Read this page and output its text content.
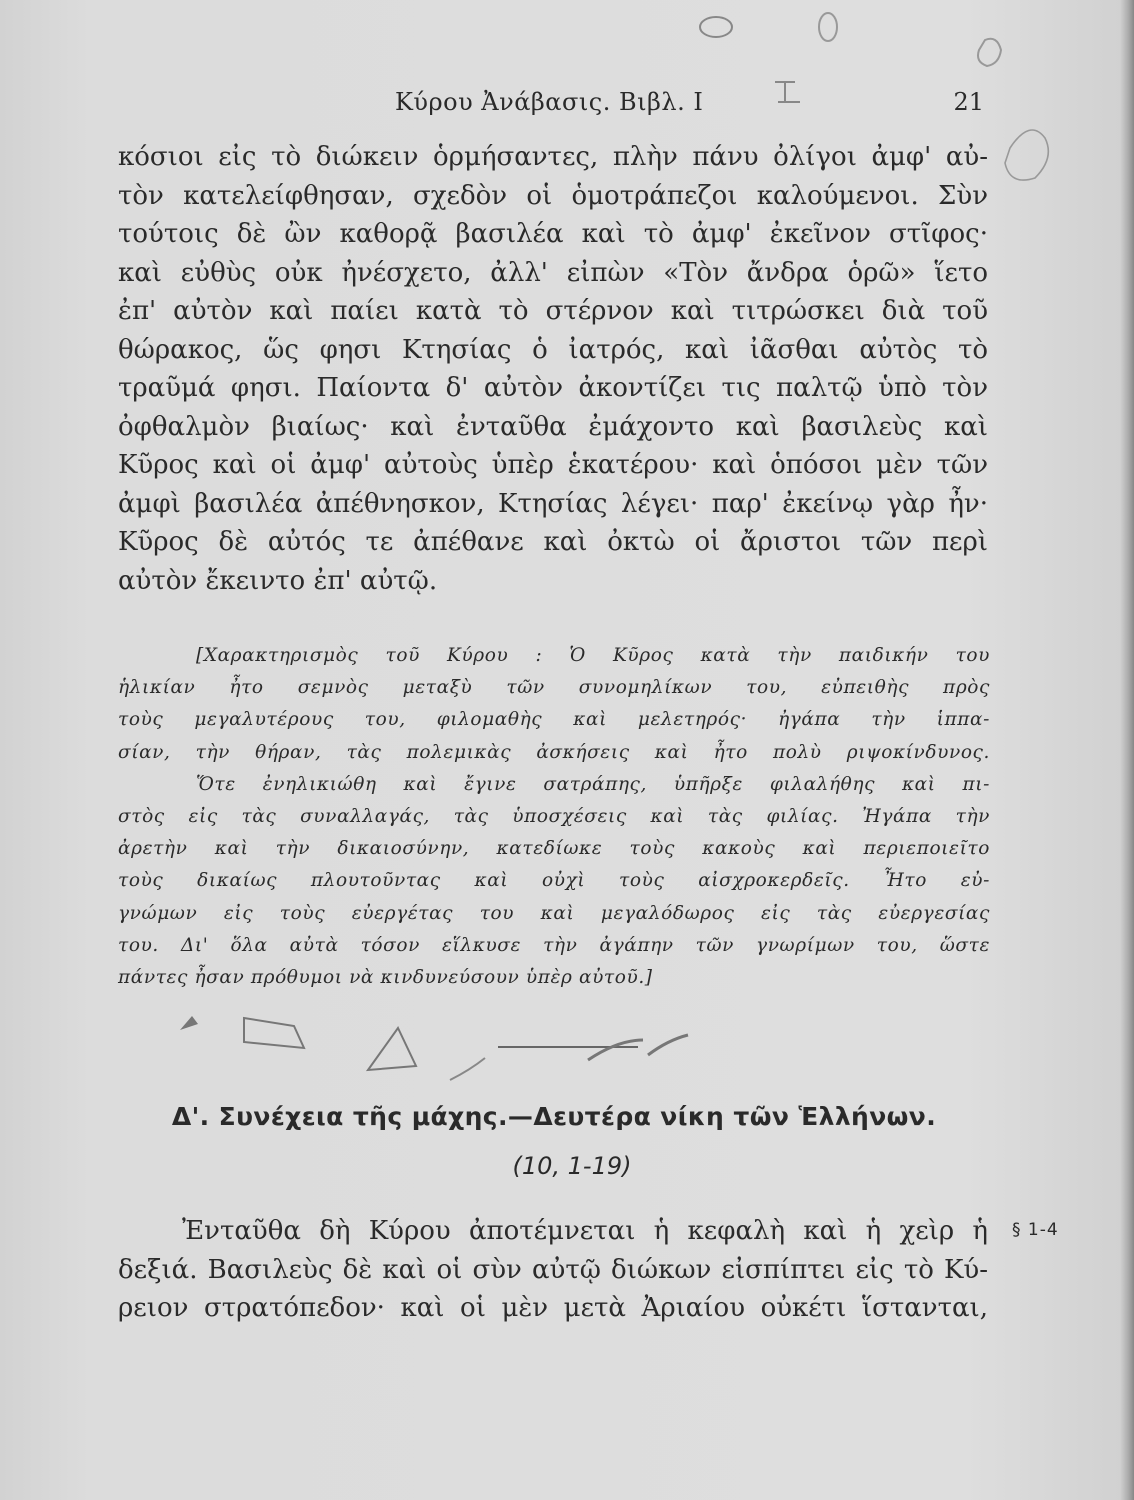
Κύρου Ἀνάβασις. Βιβλ. Ι	21
κόσιοι εἰς τὸ διώκειν ὁρμήσαντες, πλὴν πάνυ ὀλίγοι ἀμφ' αὐ-
τὸν κατελείφθησαν, σχεδὸν οἱ ὁμοτράπεζοι καλούμενοι. Σὺν
τούτοις δὲ ὢν καθορᾷ βασιλέα καὶ τὸ ἀμφ' ἐκεῖνον στῖφος·
καὶ εὐθὺς οὐκ ἠνέσχετο, ἀλλ' εἰπὼν «Τὸν ἄνδρα ὁρῶ» ἵετο
ἐπ' αὐτὸν καὶ παίει κατὰ τὸ στέρνον καὶ τιτρώσκει διὰ τοῦ
θώρακος, ὥς φησι Κτησίας ὁ ἰατρός, καὶ ἰᾶσθαι αὐτὸς τὸ
τραῦμά φησι. Παίοντα δ' αὐτὸν ἀκοντίζει τις παλτῷ ὑπὸ τὸν
ὀφθαλμὸν βιαίως· καὶ ἐνταῦθα ἐμάχοντο καὶ βασιλεὺς καὶ
Κῦρος καὶ οἱ ἀμφ' αὐτοὺς ὑπὲρ ἑκατέρου· καὶ ὁπόσοι μὲν τῶν
ἀμφὶ βασιλέα ἀπέθνησκον, Κτησίας λέγει· παρ' ἐκείνῳ γὰρ ἦν·
Κῦρος δὲ αὐτός τε ἀπέθανε καὶ ὀκτὼ οἱ ἄριστοι τῶν περὶ
αὐτὸν ἔκειντο ἐπ' αὐτῷ.
[Χαρακτηρισμὸς τοῦ Κύρου : Ὁ Κῦρος κατὰ τὴν παιδικήν του
ἡλικίαν ἦτο σεμνὸς μεταξὺ τῶν συνομηλίκων του, εὐπειθὴς πρὸς
τοὺς μεγαλυτέρους του, φιλομαθὴς καὶ μελετηρός· ἠγάπα τὴν ἱππα-
σίαν, τὴν θήραν, τὰς πολεμικὰς ἀσκήσεις καὶ ἦτο πολὺ ριψοκίνδυνος.
Ὅτε ἐνηλικιώθη καὶ ἔγινε σατράπης, ὑπῆρξε φιλαλήθης καὶ πι-
στὸς εἰς τὰς συναλλαγάς, τὰς ὑποσχέσεις καὶ τὰς φιλίας. Ἠγάπα τὴν
ἀρετὴν καὶ τὴν δικαιοσύνην, κατεδίωκε τοὺς κακοὺς καὶ περιεποιεῖτο
τοὺς δικαίως πλουτοῦντας καὶ οὐχὶ τοὺς αἰσχροκερδεῖς. Ἦτο εὐ-
γνώμων εἰς τοὺς εὐεργέτας του καὶ μεγαλόδωρος εἰς τὰς εὐεργεσίας
του. Δι' ὅλα αὐτὰ τόσον εἵλκυσε τὴν ἀγάπην τῶν γνωρίμων του, ὥστε
πάντες ἦσαν πρόθυμοι νὰ κινδυνεύσουν ὑπὲρ αὐτοῦ.]
Δ'. Συνέχεια τῆς μάχης.—Δευτέρα νίκη τῶν Ἑλλήνων.
(10, 1-19)
Ἐνταῦθα δὴ Κύρου ἀποτέμνεται ἡ κεφαλὴ καὶ ἡ χεὶρ ἡ
δεξιά. Βασιλεὺς δὲ καὶ οἱ σὺν αὐτῷ διώκων εἰσπίπτει εἰς τὸ Κύ-
ρειον στρατόπεδον· καὶ οἱ μὲν μετὰ Ἀριαίου οὐκέτι ἵστανται,
§ 1-4
